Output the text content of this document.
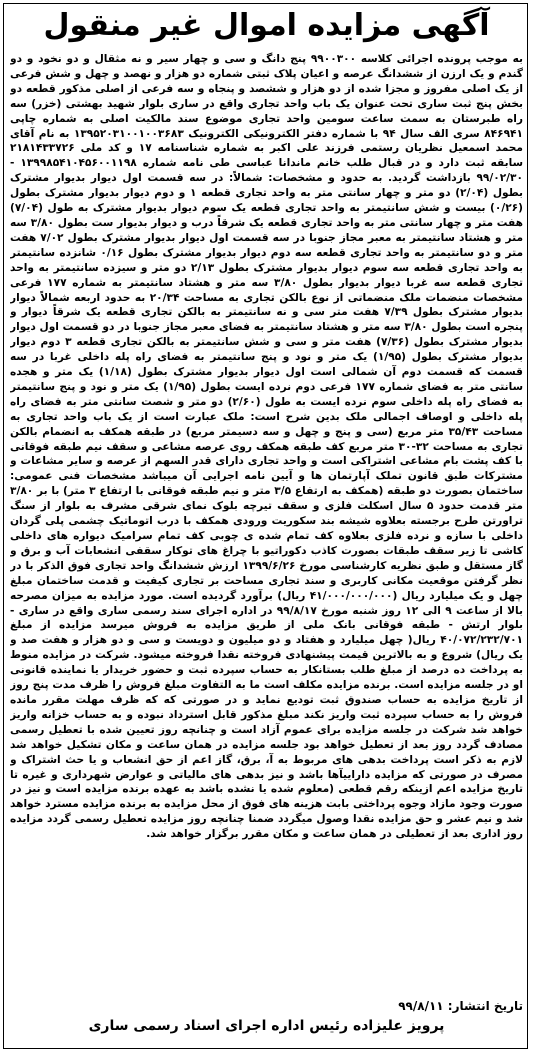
آگهی مزایده اموال غیر منقول
به موجب پرونده اجرائی کلاسه ۹۹۰۰۳۰۰ پنج دانگ و سی و چهار سیر و نه مثقال و دو نخود و دو گندم و یک ارزن از ششدانگ عرصه و اعیان پلاک ثبتی شماره دو هزار و نهصد و چهل و شش فرعی از یک اصلی مفروز و مجزا شده از دو هزار و ششصد و پنجاه و سه فرعی از اصلی مذکور قطعه دو بخش پنج ثبت ساری تحت عنوان یک باب واحد تجاری واقع در ساری بلوار شهید بهشتی (خزر) سه راه طبرستان به سمت ساعت سومین واحد تجاری موضوع سند مالکیت اصلی به شماره چاپی ۸۴۶۹۴۱ سری الف سال ۹۴ با شماره دفتر الکترونیکی الکترونیک ۱۳۹۵۲۰۳۱۰۰۱۰۰۳۶۸۳ به نام آقای محمد اسمعیل نظریان رستمی فرزند علی اکبر به شماره شناسنامه ۱۷ و کد ملی ۲۱۸۱۴۳۳۷۲۶ سابقه ثبت دارد و در قبال طلب خانم ماندانا عباسی طی نامه شماره ۱۳۹۹۸۵۴۱۰۴۵۶۰۰۱۱۹۸ - ۹۹/۰۲/۳۰ بازداشت گردید. به حدود و مشخصات: شمالاً: در سه قسمت اول دیوار بدیوار مشترک بطول (۲/۰۴) دو متر و چهار سانتی متر به واحد تجاری قطعه ۱ و دوم دیوار بدیوار مشترک بطول (۰/۲۶) بیست و شش سانتیمتر به واحد تجاری قطعه یک سوم دیوار بدیوار مشترک به طول (۷/۰۴) هفت متر و چهار سانتی متر به واحد تجاری قطعه یک شرقاً درب و دیوار بدیوار ست بطول ۳/۸۰ سه متر و هشتاد سانتیمتر به معبر مجاز جنوبا در سه قسمت اول دیوار بدیوار مشترک بطول ۷/۰۲ هفت متر و دو سانتیمتر به واحد تجاری قطعه سه دوم دیوار بدیوار مشترک بطول ۰/۱۶ شانزده سانتیمتر به واحد تجاری قطعه سه سوم دیوار بدیوار مشترک بطول ۲/۱۳ دو متر و سیزده سانتیمتر به واحد تجاری قطعه سه غربا دیوار بدیوار بطول ۳/۸۰ سه متر و هشتاد سانتیمتر به شماره ۱۷۷ فرعی مشخصات منضمات ملک منضماتی از نوع بالکن تجاری به مساحت ۲۰/۳۴ به حدود اربعه شمالاً دیوار بدیوار مشترک بطول ۷/۳۹ هفت متر سی و نه سانتیمتر به بالکن تجاری قطعه یک شرقاً دیوار و پنجره است بطول ۳/۸۰ سه متر و هشتاد سانتیمتر به فضای معبر مجاز جنوبا در دو قسمت اول دیوار بدیوار مشترک بطول (۷/۳۶) هفت متر و سی و شش سانتیمتر به بالکن تجاری قطعه ۳ دوم دیوار بدیوار مشترک بطول (۱/۹۵) یک متر و نود و پنج سانتیمتر به فضای راه پله داخلی غربا در سه قسمت که قسمت دوم آن شمالی است اول دیوار بدیوار مشترک بطول (۱/۱۸) یک متر و هجده سانتی متر به فضای شماره ۱۷۷ فرعی دوم نرده ایست بطول (۱/۹۵) یک متر و نود و پنج سانتیمتر به فضای راه پله داخلی سوم نرده ایست به طول (۲/۶۰) دو متر و شصت سانتی متر به فضای راه پله داخلی و اوصاف اجمالی ملک بدین شرح است: ملک عبارت است از یک باب واحد تجاری به مساحت ۳۵/۴۳ متر مربع (سی و پنج و چهل و سه دسیمتر مربع) در طبقه همکف به انضمام بالکن تجاری به مساحت ۳۲-۳۰ متر مربع کف طبقه همکف روی عرصه مشاعی و سقف نیم طبقه فوقانی با کف پشت بام مشاعی اشتراکی است و واحد تجاری دارای قدر السهم از عرصه و سایر مشاعات و مشترکات طبق قانون تملک آپارتمان ها و آیین نامه اجرایی آن میباشد مشخصات فنی عمومی: ساختمان بصورت دو طبقه (همکف به ارتفاع ۳/۵ متر و نیم طبقه فوقانی با ارتفاع ۳ متر) با بر ۳/۸۰ متر قدمت حدود ۵ سال اسکلت فلزی و سقف تیرچه بلوک نمای شرقی مشرف به بلوار از سنگ تراورتن طرح برجسته بعلاوه شیشه بند سکوریت ورودی همکف با درب اتوماتیک چشمی پلی گردان داخلی با سازه و نرده فلزی بعلاوه کف تمام شده ی چوبی کف تمام سرامیک دیواره های داخلی کاشی تا زیر سقف طبقات بصورت کاذب دکوراتیو با چراغ های توکار سقفی انشعابات آب و برق و گاز مستقل و طبق نظریه کارشناسی مورخ ۱۳۹۹/۶/۲۶ ارزش ششدانگ واحد تجاری فوق الذکر با در نظر گرفتن موقعیت مکانی کاربری و سند تجاری مساحت بر تجاری کیفیت و قدمت ساختمان مبلغ چهل و یک میلیارد ریال (۴۱/۰۰۰/۰۰۰/۰۰۰ ریال) برآورد گردیده است. مورد مزایده به میزان مصرحه بالا از ساعت ۹ الی ۱۲ روز شنبه مورخ ۹۹/۸/۱۷ در اداره اجرای سند رسمی ساری واقع در ساری - بلوار ارتش - طبقه فوقانی بانک ملی از طریق مزایده به فروش میرسد مزایده از مبلغ ۴۰/۰۷۲/۲۳۲/۷۰۱ ریال( چهل میلیارد و هفتاد و دو میلیون و دویست و سی و دو هزار و هفت صد و یک ریال) شروع و به بالاترین قیمت پیشنهادی فروخته نقدا فروخته میشود. شرکت در مزایده منوط به پرداخت ده درصد از مبلغ طلب بستانکار به حساب سپرده ثبت و حضور خریدار یا نماینده قانونی او در جلسه مزایده است. برنده مزایده مکلف است ما به التفاوت مبلغ فروش را ظرف مدت پنج روز از تاریخ مزایده به حساب صندوق ثبت تودیع نماید و در صورتی که که ظرف مهلت مقرر مانده فروش را به حساب سپرده ثبت واریز نکند مبلغ مذکور قابل استرداد نبوده و به حساب خزانه واریز خواهد شد شرکت در جلسه مزایده برای عموم آزاد است و چنانچه روز تعیین شده با تعطیل رسمی مصادف گردد روز بعد از تعطیل خواهد بود جلسه مزایده در همان ساعت و مکان تشکیل خواهد شد لازم به ذکر است پرداخت بدهی های مربوط به آ، برق، گاز اعم از حق انشعاب و یا حث اشتراک و مصرف در صورتی که مزایده داراییآها باشد و نیز بدهی های مالیاتی و عوارض شهرداری و غیره تا تاریخ مزایده اعم ازینکه رقم قطعی (معلوم شده یا نشده باشد به عهده برنده مزایده است و نیز در صورت وجود مازاد وجوه پرداختی بابت هزینه های فوق از محل مزایده به برنده مزایده مسترد خواهد شد و نیم عشر و حق مزایده نقدا وصول میگردد ضمنا چنانچه روز مزایده تعطیل رسمی گردد مزایده روز اداری بعد از تعطیلی در همان ساعت و مکان مقرر برگزار خواهد شد.
تاریخ انتشار: ۹۹/۸/۱۱
پرویز علیزاده رئیس اداره اجرای اسناد رسمی ساری
